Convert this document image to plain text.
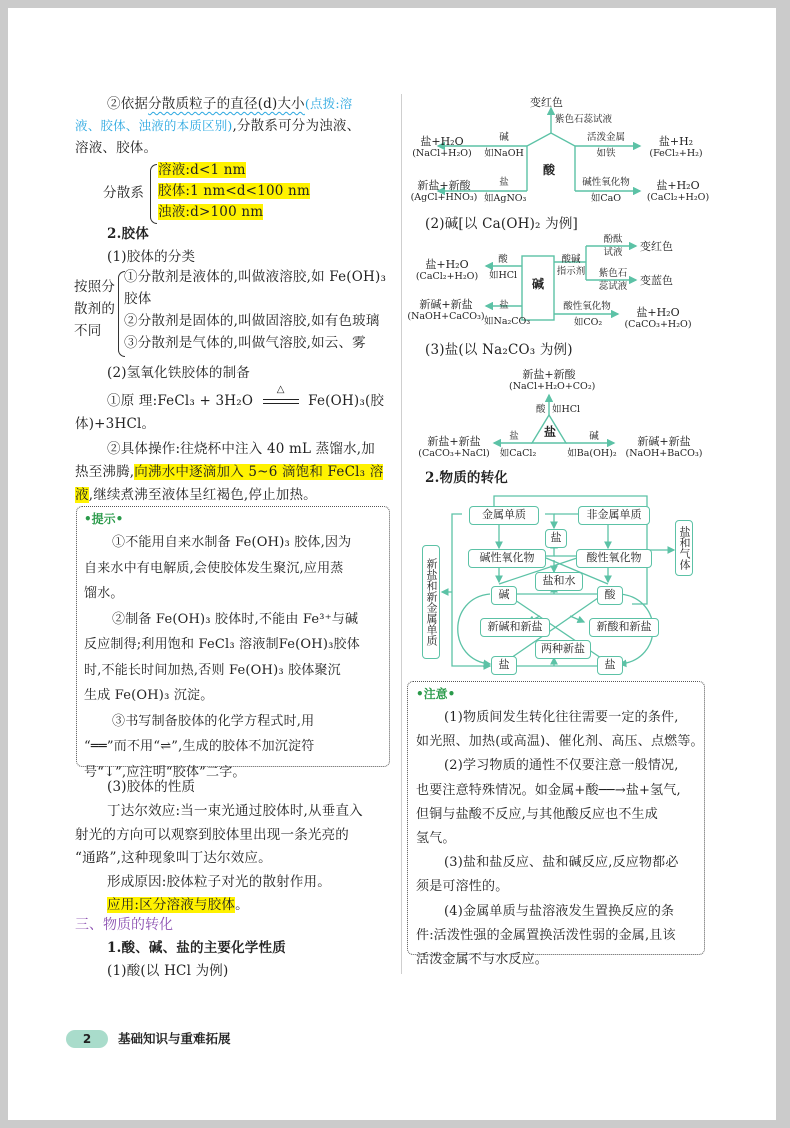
②依据分散质粒子的直径(d)大小(点拨:溶
液、胶体、浊液的本质区别),分散系可分为浊液、
溶液、胶体。
分散系
溶液:d<1 nm
胶体:1 nm<d<100 nm
浊液:d>100 nm
2.胶体
(1)胶体的分类
按照分
散剂的
不同
①分散剂是液体的,叫做液溶胶,如 Fe(OH)₃
胶体
②分散剂是固体的,叫做固溶胶,如有色玻璃
③分散剂是气体的,叫做气溶胶,如云、雾
(2)氢氧化铁胶体的制备
①原 理:FeCl₃ + 3H₂O
△
Fe(OH)₃(胶
体)+3HCl。
②具体操作:往烧杯中注入 40 mL 蒸馏水,加
热至沸腾,向沸水中逐滴加入 5~6 滴饱和 FeCl₃ 溶
液,继续煮沸至液体呈红褐色,停止加热。
•提示•
①不能用自来水制备 Fe(OH)₃ 胶体,因为
自来水中有电解质,会使胶体发生聚沉,应用蒸
馏水。
②制备 Fe(OH)₃ 胶体时,不能由 Fe³⁺与碱
反应制得;利用饱和 FeCl₃ 溶液制Fe(OH)₃胶体
时,不能长时间加热,否则 Fe(OH)₃ 胶体聚沉
生成 Fe(OH)₃ 沉淀。
③书写制备胶体的化学方程式时,用
“══”而不用“⇌”,生成的胶体不加沉淀符
号“↓”,应注明“胶体”二字。
(3)胶体的性质
丁达尔效应:当一束光通过胶体时,从垂直入
射光的方向可以观察到胶体里出现一条光亮的
“通路”,这种现象叫丁达尔效应。
形成原因:胶体粒子对光的散射作用。
应用:区分溶液与胶体。
三、物质的转化
1.酸、碱、盐的主要化学性质
(1)酸(以 HCl 为例)
变红色
紫色石蕊试液
酸
盐+H₂O
(NaCl+H₂O)
碱
如NaOH
新盐+新酸
(AgCl+HNO₃)
盐
如AgNO₃
活泼金属
如铁
盐+H₂
(FeCl₂+H₂)
碱性氧化物
如CaO
盐+H₂O
(CaCl₂+H₂O)
(2)碱[以 Ca(OH)₂ 为例]
碱
盐+H₂O
(CaCl₂+H₂O)
酸
如HCl
新碱+新盐
(NaOH+CaCO₃)
盐
如Na₂CO₃
酸碱
指示剂
酚酞
试液	变红色
紫色石
蕊试液 变蓝色
酸性氧化物
如CO₂
盐+H₂O
(CaCO₃+H₂O)
(3)盐(以 Na₂CO₃ 为例)
新盐+新酸
(NaCl+H₂O+CO₂)
酸 如HCl
盐
新盐+新盐
(CaCO₃+NaCl)
盐
如CaCl₂
碱
如Ba(OH)₂
新碱+新盐
(NaOH+BaCO₃)
2.物质的转化
金属单质	非金属单质
盐
碱性氧化物	酸性氧化物
盐和水
碱	酸
新碱和新盐	新酸和新盐
两种新盐
盐	盐
新盐和新金属单质
盐和气体
•注意•
(1)物质间发生转化往往需要一定的条件,
如光照、加热(或高温)、催化剂、高压、点燃等。
(2)学习物质的通性不仅要注意一般情况,
也要注意特殊情况。如金属+酸──→盐+氢气,
但铜与盐酸不反应,与其他酸反应也不生成
氢气。
(3)盐和盐反应、盐和碱反应,反应物都必
须是可溶性的。
(4)金属单质与盐溶液发生置换反应的条
件:活泼性强的金属置换活泼性弱的金属,且该
活泼金属不与水反应。
2	基础知识与重难拓展
